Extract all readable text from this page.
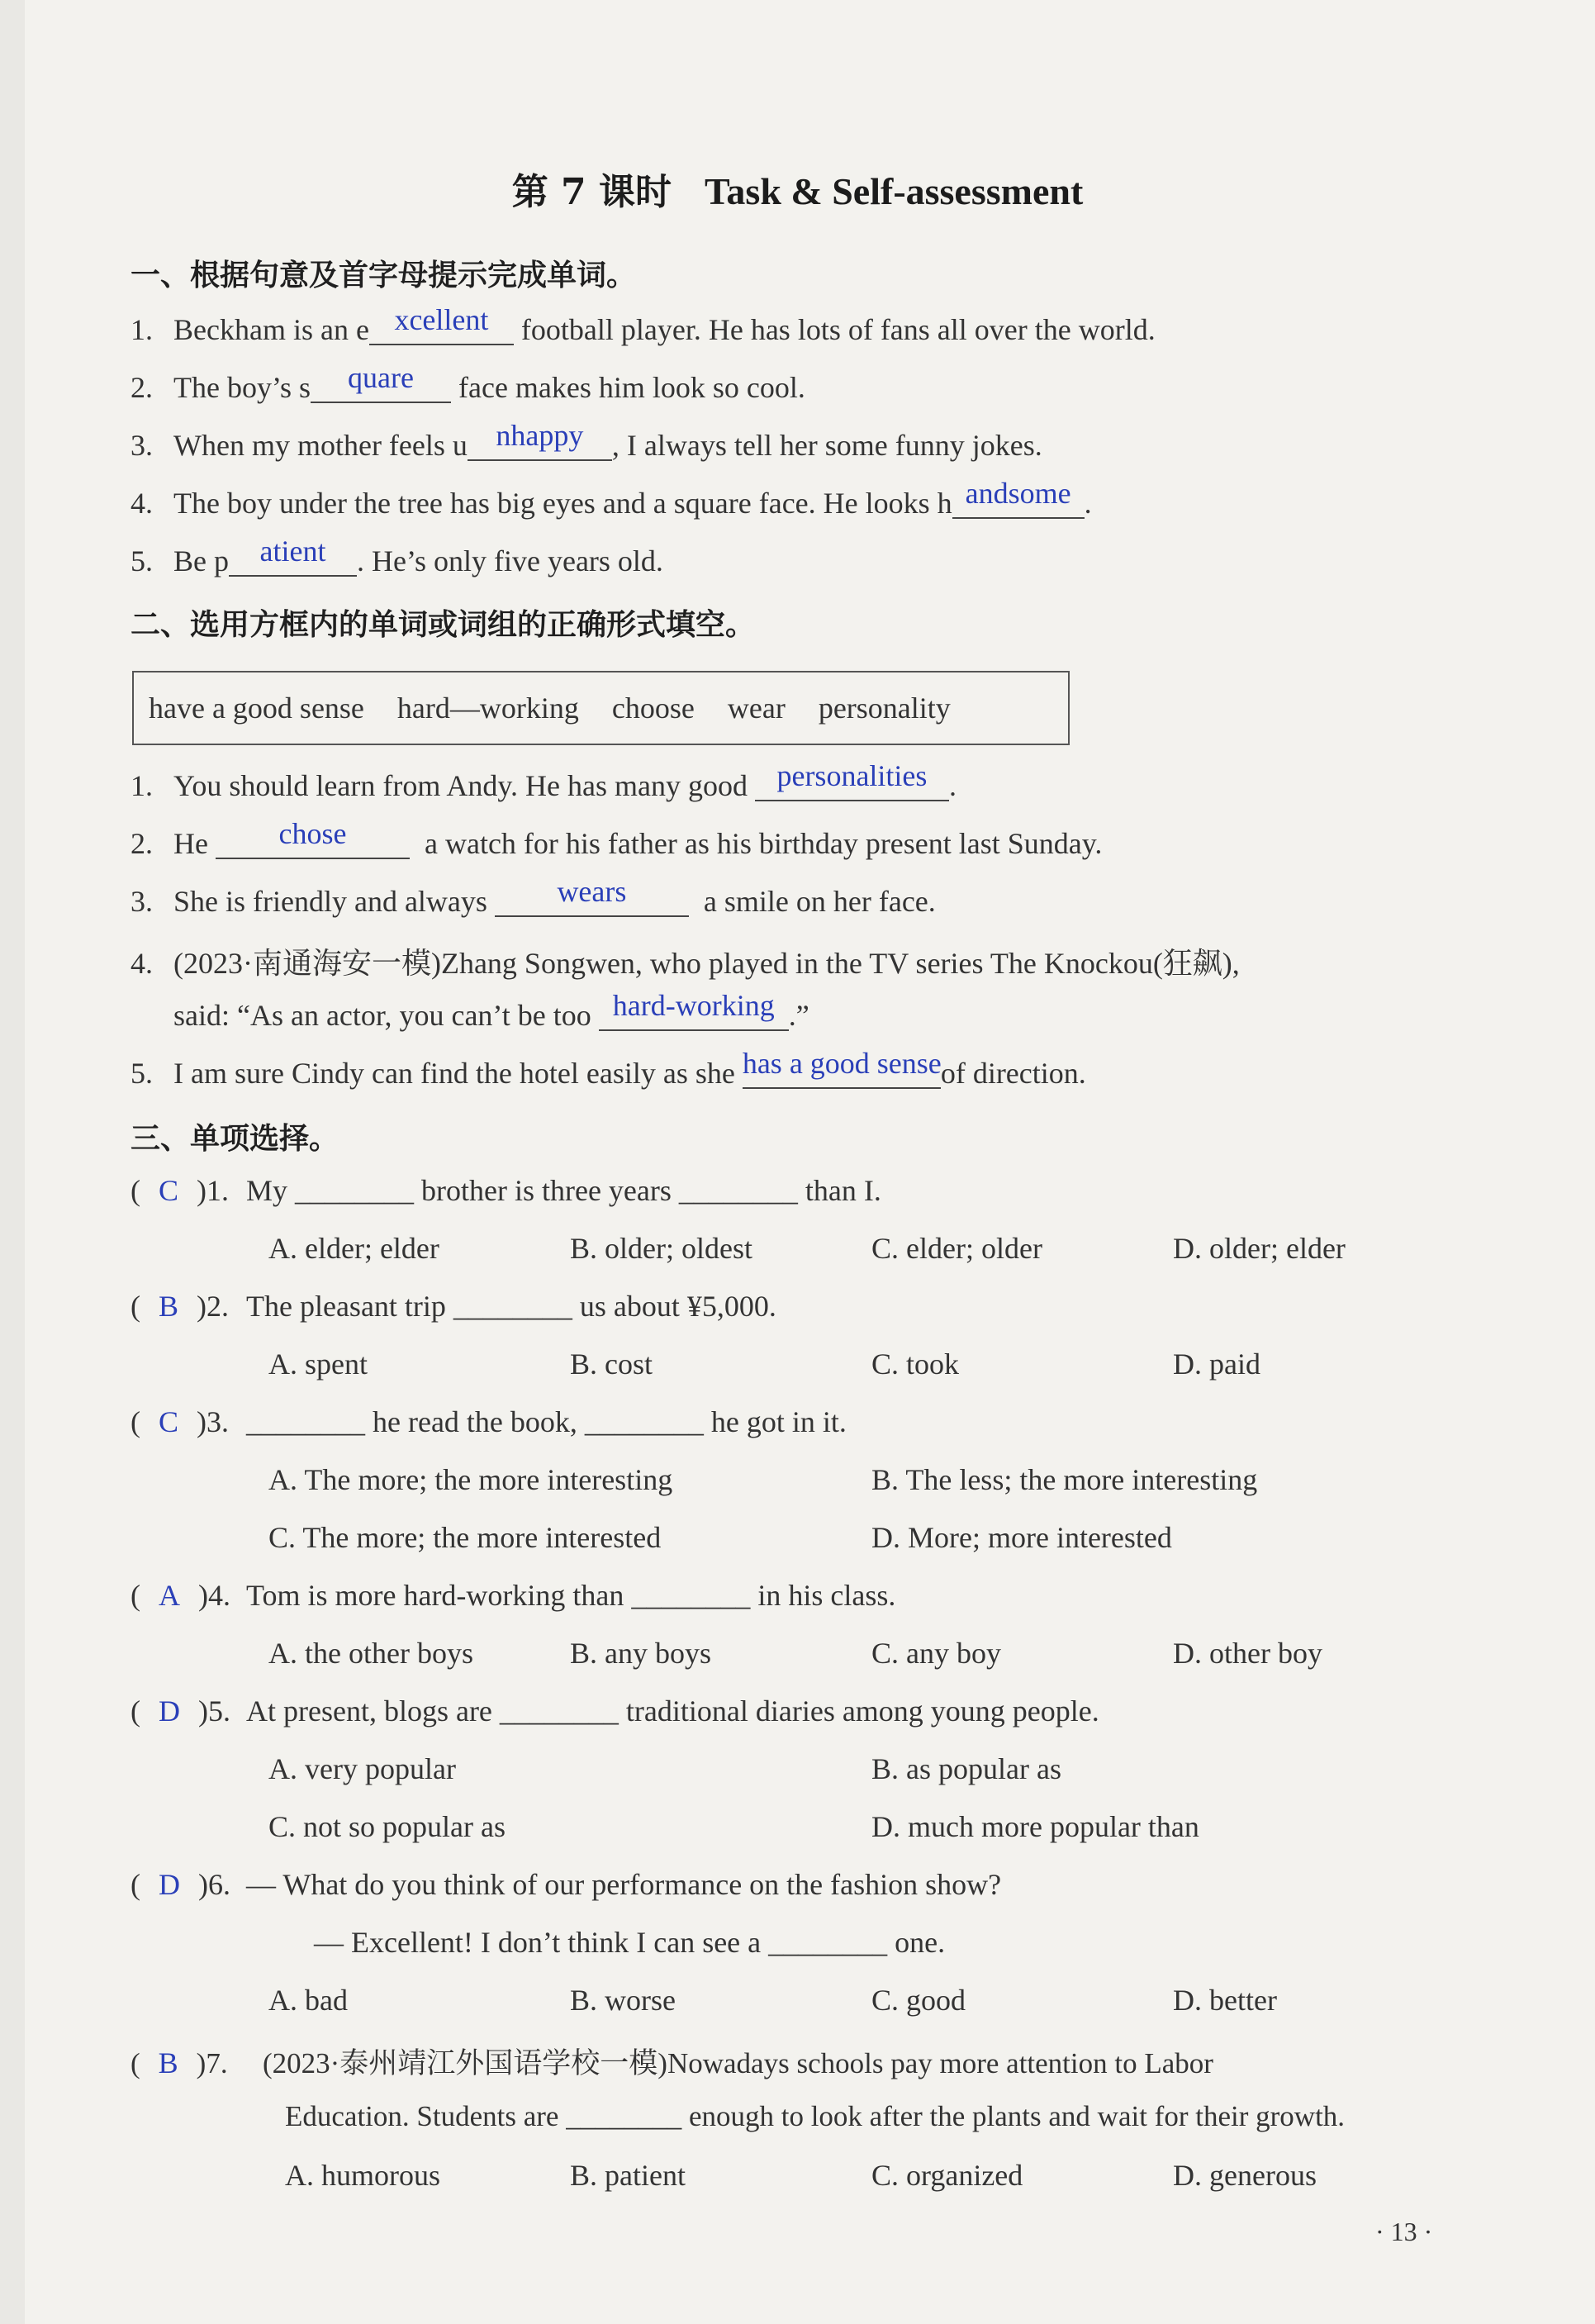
第 7 课时 Task & Self-assessment
一、根据句意及首字母提示完成单词。
1. Beckham is an e xcellent football player. He has lots of fans all over the world.
2. The boy’s s quare face makes him look so cool.
3. When my mother feels u nhappy , I always tell her some funny jokes.
4. The boy under the tree has big eyes and a square face. He looks h andsome .
5. Be p atient . He’s only five years old.
二、选用方框内的单词或词组的正确形式填空。
have a good sense hard—working choose wear personality
1. You should learn from Andy. He has many good personalities .
2. He chose	a watch for his father as his birthday present last Sunday.
3. She is friendly and always wears	a smile on her face.
4. (2023·南通海安一模)Zhang Songwen, who played in the TV series The Knockou(狂飙),
said: “As an actor, you can’t be too hard-working .”
5. I am sure Cindy can find the hotel easily as she has a good senseof direction.
三、单项选择。
( C )1. My ________ brother is three years ________ than I.
A. elder; elder	B. older; oldest	C. elder; older	D. older; elder
( B )2. The pleasant trip ________ us about ¥5,000.
A. spent	B. cost	C. took	D. paid
( C )3. ________ he read the book, ________ he got in it.
A. The more; the more interesting	B. The less; the more interesting
C. The more; the more interested	D. More; more interested
( A )4. Tom is more hard-working than ________ in his class.
A. the other boys	B. any boys	C. any boy	D. other boy
( D )5. At present, blogs are ________ traditional diaries among young people.
A. very popular	B. as popular as
C. not so popular as	D. much more popular than
( D )6. — What do you think of our performance on the fashion show?
— Excellent! I don’t think I can see a ________ one.
A. bad	B. worse	C. good	D. better
( B )7. (2023·泰州靖江外国语学校一模)Nowadays schools pay more attention to Labor
Education. Students are ________ enough to look after the plants and wait for their growth.
A. humorous	B. patient	C. organized	D. generous
· 13 ·
